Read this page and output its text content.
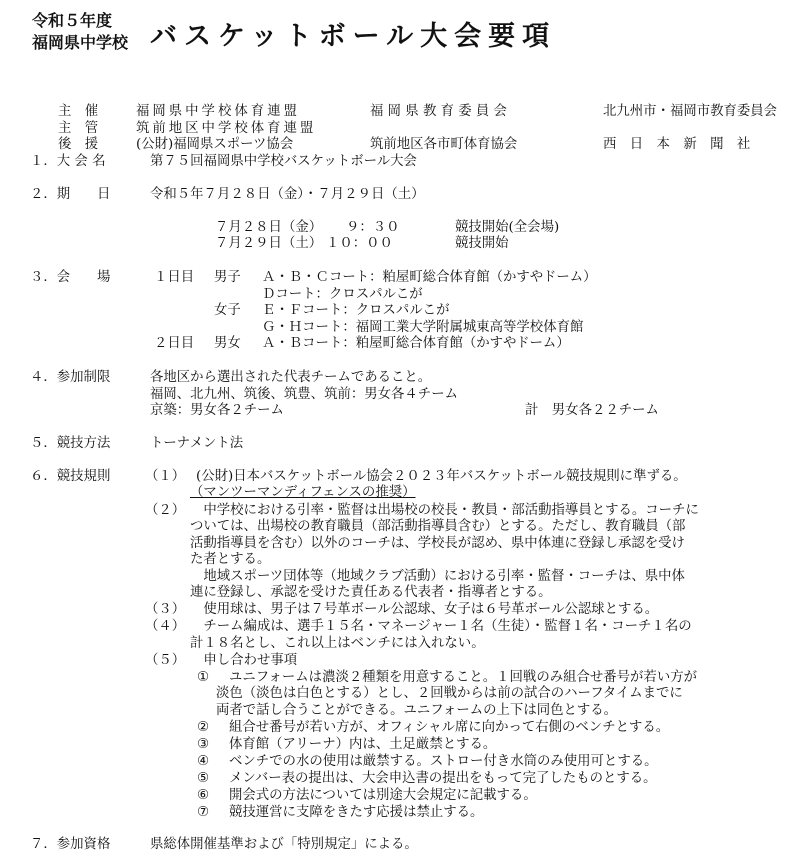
令和５年度
福岡県中学校 バスケットボール大会要項
主　催	福岡県中学校体育連盟	福 岡 県 教 育 委 員 会	北九州市・福岡市教育委員会
主　管	筑前地区中学校体育連盟
後　援	(公財)福岡県スポーツ協会	筑前地区各市町体育協会	西　日　本　新　聞　社
１．大 会 名	第７５回福岡県中学校バスケットボール大会
２．期　　日	令和５年７月２８日（金）・７月２９日（土）
７月２８日（金） ９：３０	競技開始(全会場)
７月２９日（土） １０：００	競技開始
３．会　　場	１日目 男子 Ａ・Ｂ・Ｃコート：粕屋町総合体育館（かすやドーム）
Ｄコート：クロスパルこが
女子 Ｅ・Ｆコート：クロスパルこが
Ｇ・Ｈコート：福岡工業大学附属城東高等学校体育館
２日目 男女 Ａ・Ｂコート：粕屋町総合体育館（かすやドーム）
４．参加制限	各地区から選出された代表チームであること。
福岡、北九州、筑後、筑豊、筑前：男女各４チーム
京築：男女各２チーム	計　男女各２２チーム
５．競技方法	トーナメント法
６．競技規則	（１） (公財)日本バスケットボール協会２０２３年バスケットボール競技規則に準ずる。
（マンツーマンディフェンスの推奨）
（２） 　中学校における引率・監督は出場校の校長・教員・部活動指導員とする。コーチに
ついては、出場校の教育職員（部活動指導員含む）とする。ただし、教育職員（部
活動指導員を含む）以外のコーチは、学校長が認め、県中体連に登録し承認を受け
た者とする。
　地域スポーツ団体等（地域クラブ活動）における引率・監督・コーチは、県中体
連に登録し、承認を受けた責任ある代表者・指導者とする。
（３） 　使用球は、男子は７号革ボール公認球、女子は６号革ボール公認球とする。
（４） 　チーム編成は、選手１５名・マネージャー１名（生徒）・監督１名・コーチ１名の
計１８名とし、これ以上はベンチには入れない。
（５） 　申し合わせ事項
① ユニフォームは濃淡２種類を用意すること。１回戦のみ組合せ番号が若い方が
淡色（淡色は白色とする）とし、２回戦からは前の試合のハーフタイムまでに
両者で話し合うことができる。ユニフォームの上下は同色とする。
② 組合せ番号が若い方が、オフィシャル席に向かって右側のベンチとする。
③ 体育館（アリーナ）内は、土足厳禁とする。
④ ベンチでの水の使用は厳禁する。ストロー付き水筒のみ使用可とする。
⑤ メンバー表の提出は、大会申込書の提出をもって完了したものとする。
⑥ 開会式の方法については別途大会規定に記載する。
⑦ 競技運営に支障をきたす応援は禁止する。
７．参加資格	県総体開催基準および「特別規定」による。
